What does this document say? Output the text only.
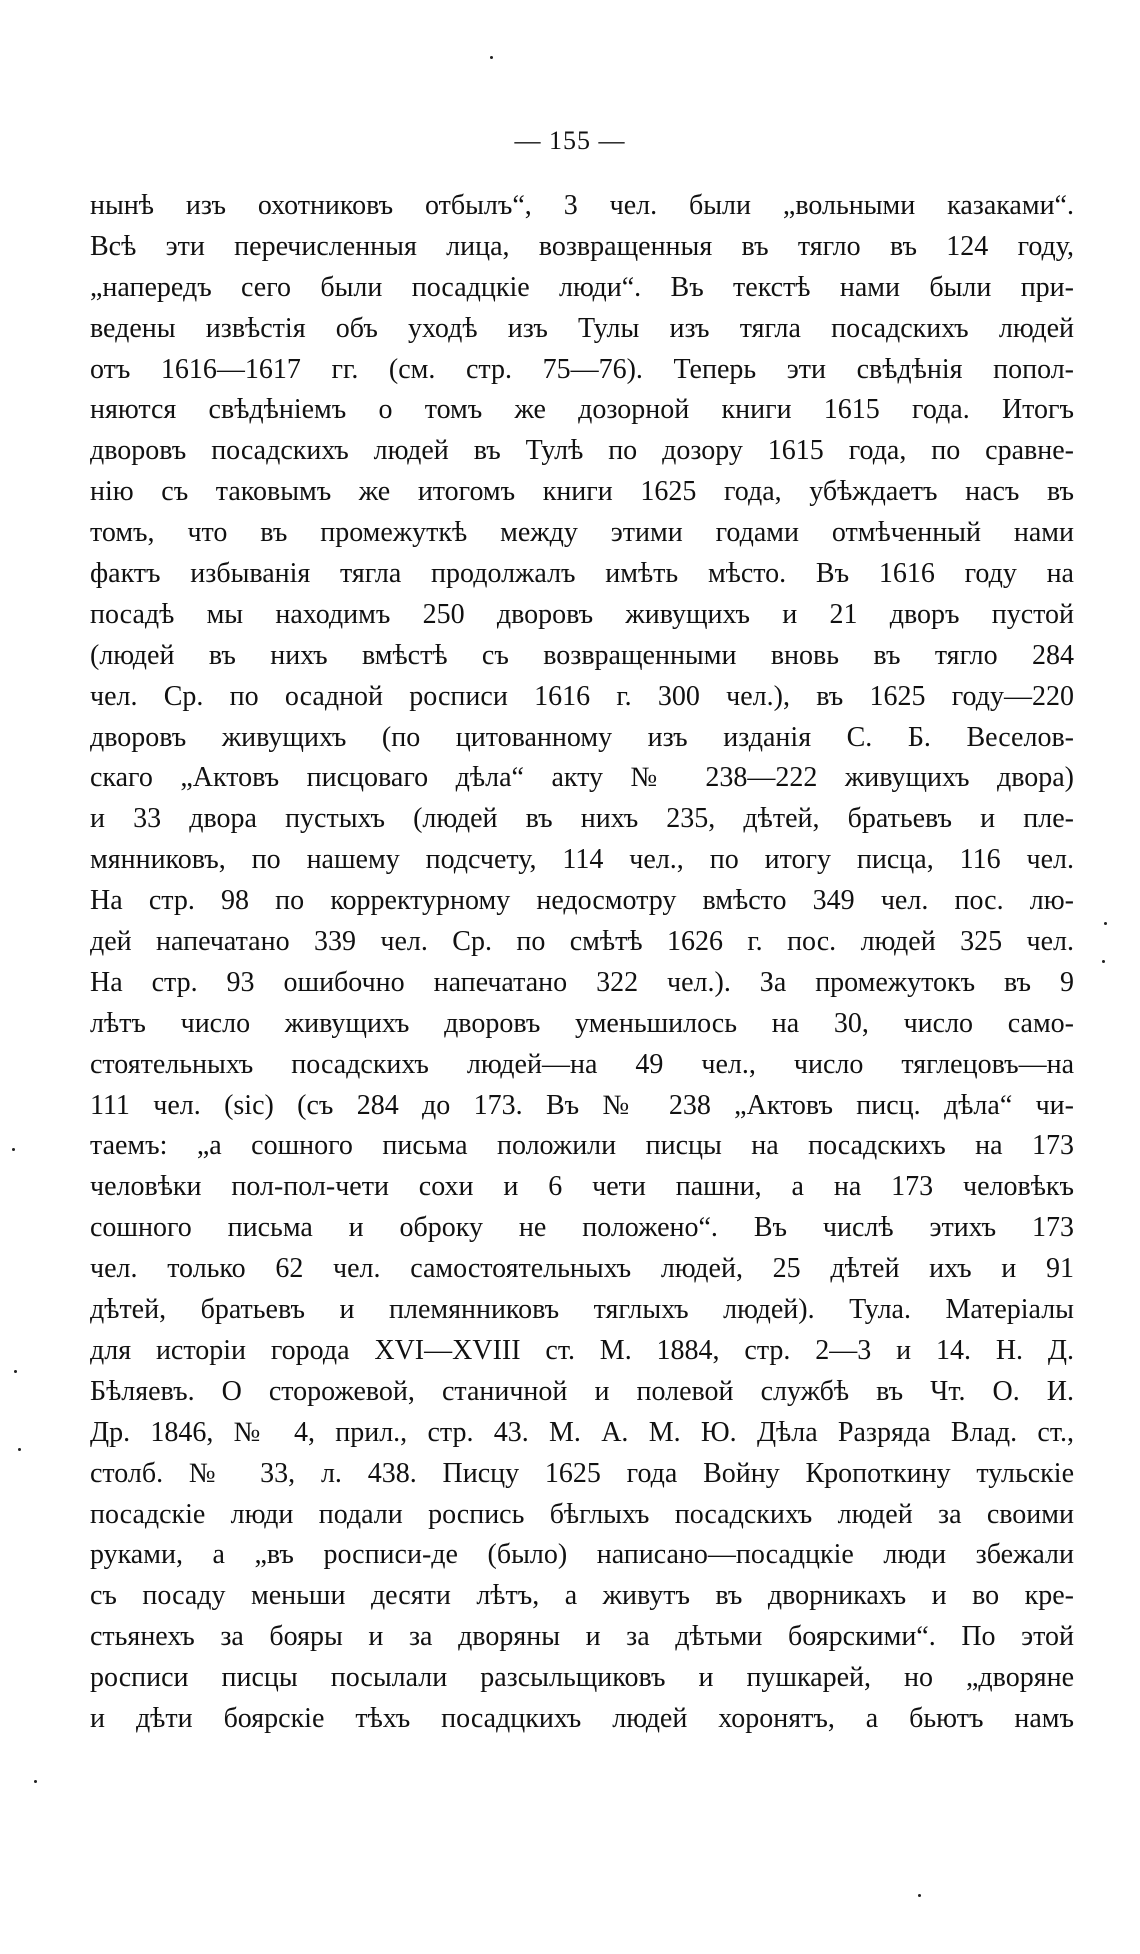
— 155 —
нынѣ изъ охотниковъ отбылъ“, 3 чел. были „вольными казаками“.
Всѣ эти перечисленныя лица, возвращенныя въ тягло въ 124 году,
„напередъ сего были посадцкіе люди“. Въ текстѣ нами были при-
ведены извѣстія объ уходѣ изъ Тулы изъ тягла посадскихъ людей
отъ 1616—1617 гг. (см. стр. 75—76). Теперь эти свѣдѣнія попол-
няются свѣдѣніемъ о томъ же дозорной книги 1615 года. Итогъ
дворовъ посадскихъ людей въ Тулѣ по дозору 1615 года, по сравне-
нію съ таковымъ же итогомъ книги 1625 года, убѣждаетъ насъ въ
томъ, что въ промежуткѣ между этими годами отмѣченный нами
фактъ избыванія тягла продолжалъ имѣть мѣсто. Въ 1616 году на
посадѣ мы находимъ 250 дворовъ живущихъ и 21 дворъ пустой
(людей въ нихъ вмѣстѣ съ возвращенными вновь въ тягло 284
чел. Ср. по осадной росписи 1616 г. 300 чел.), въ 1625 году—220
дворовъ живущихъ (по цитованному изъ изданія С. Б. Веселов-
скаго „Актовъ писцоваго дѣла“ акту № 238—222 живущихъ двора)
и 33 двора пустыхъ (людей въ нихъ 235, дѣтей, братьевъ и пле-
мянниковъ, по нашему подсчету, 114 чел., по итогу писца, 116 чел.
На стр. 98 по корректурному недосмотру вмѣсто 349 чел. пос. лю-
дей напечатано 339 чел. Ср. по смѣтѣ 1626 г. пос. людей 325 чел.
На стр. 93 ошибочно напечатано 322 чел.). За промежутокъ въ 9
лѣтъ число живущихъ дворовъ уменьшилось на 30, число само-
стоятельныхъ посадскихъ людей—на 49 чел., число тяглецовъ—на
111 чел. (sic) (съ 284 до 173. Въ № 238 „Актовъ писц. дѣла“ чи-
таемъ: „а сошного письма положили писцы на посадскихъ на 173
человѣки пол-пол-чети сохи и 6 чети пашни, а на 173 человѣкъ
сошного письма и оброку не положено“. Въ числѣ этихъ 173
чел. только 62 чел. самостоятельныхъ людей, 25 дѣтей ихъ и 91
дѣтей, братьевъ и племянниковъ тяглыхъ людей). Тула. Матеріалы
для исторіи города XVI—XVIII ст. М. 1884, стр. 2—3 и 14. Н. Д.
Бѣляевъ. О сторожевой, станичной и полевой службѣ въ Чт. О. И.
Др. 1846, № 4, прил., стр. 43. М. А. М. Ю. Дѣла Разряда Влад. ст.,
столб. № 33, л. 438. Писцу 1625 года Войну Кропоткину тульскіе
посадскіе люди подали роспись бѣглыхъ посадскихъ людей за своими
руками, а „въ росписи-де (было) написано—посадцкіе люди збежали
съ посаду меньши десяти лѣтъ, а живутъ въ дворникахъ и во кре-
стьянехъ за бояры и за дворяны и за дѣтьми боярскими“. По этой
росписи писцы посылали разсыльщиковъ и пушкарей, но „дворяне
и дѣти боярскіе тѣхъ посадцкихъ людей хоронятъ, а бьютъ намъ
